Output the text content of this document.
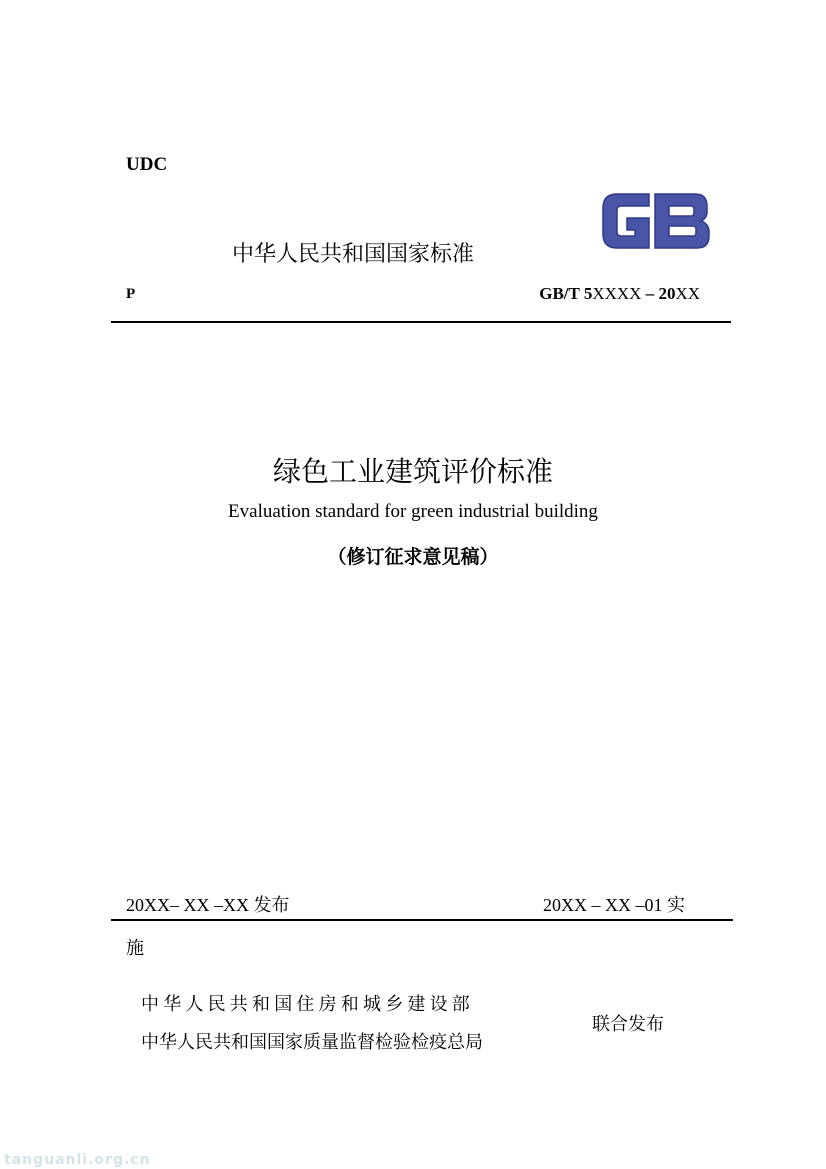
UDC
中华人民共和国国家标准
P	GB/T 5XXXX – 20XX
绿色工业建筑评价标准
Evaluation standard for green industrial building
（修订征求意见稿）
20XX– XX –XX 发布	20XX – XX –01 实
施
中华人民共和国住房和城乡建设部
中华人民共和国国家质量监督检验检疫总局
联合发布
tanguanli.org.cn
